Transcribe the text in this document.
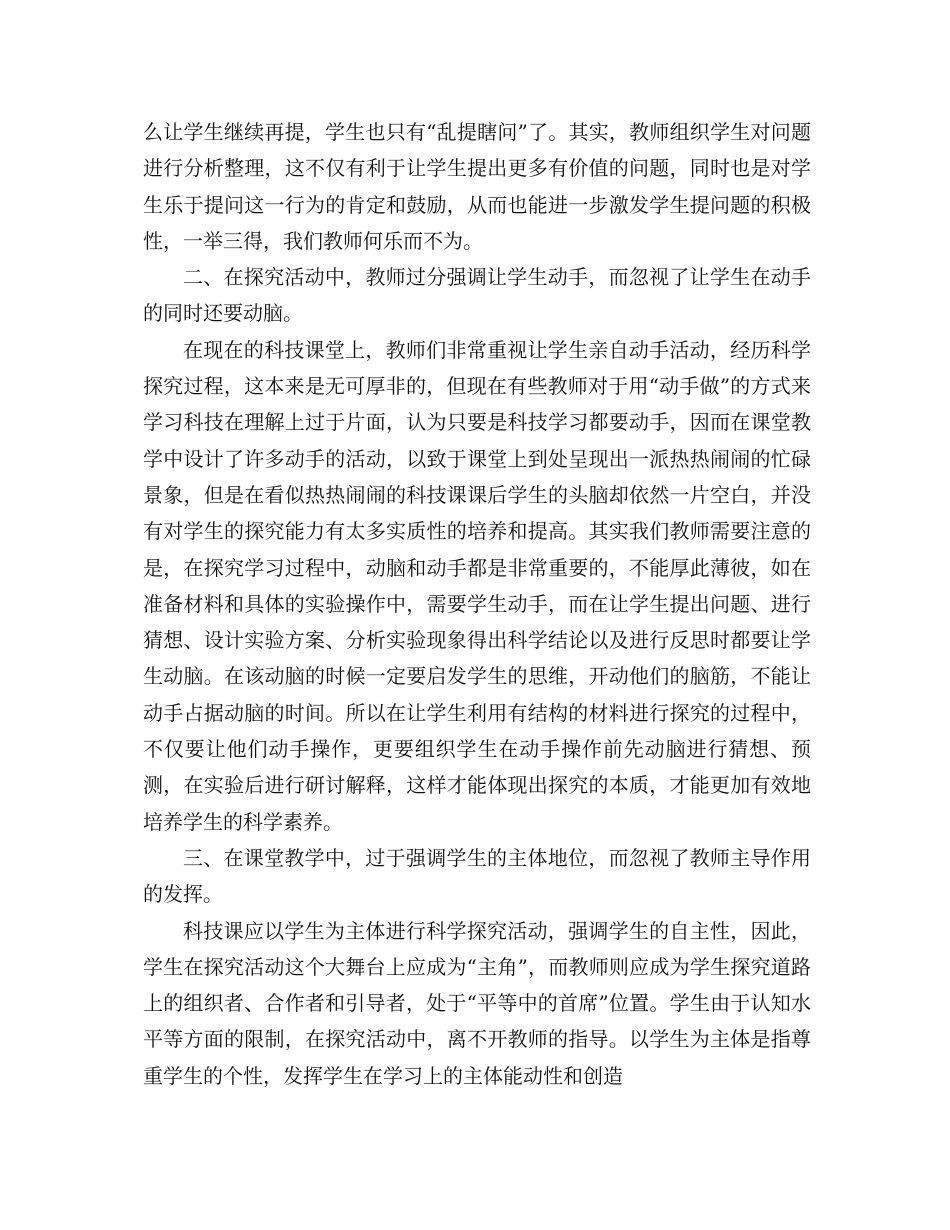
么让学生继续再提，学生也只有“乱提瞎问”了。其实，教师组织学生对问题进行分析整理，这不仅有利于让学生提出更多有价值的问题，同时也是对学生乐于提问这一行为的肯定和鼓励，从而也能进一步激发学生提问题的积极性，一举三得，我们教师何乐而不为。

二、在探究活动中，教师过分强调让学生动手，而忽视了让学生在动手的同时还要动脑。

在现在的科技课堂上，教师们非常重视让学生亲自动手活动，经历科学探究过程，这本来是无可厚非的，但现在有些教师对于用“动手做”的方式来学习科技在理解上过于片面，认为只要是科技学习都要动手，因而在课堂教学中设计了许多动手的活动，以致于课堂上到处呈现出一派热热闹闹的忙碌景象，但是在看似热热闹闹的科技课课后学生的头脑却依然一片空白，并没有对学生的探究能力有太多实质性的培养和提高。其实我们教师需要注意的是，在探究学习过程中，动脑和动手都是非常重要的，不能厚此薄彼，如在准备材料和具体的实验操作中，需要学生动手，而在让学生提出问题、进行猜想、设计实验方案、分析实验现象得出科学结论以及进行反思时都要让学生动脑。在该动脑的时候一定要启发学生的思维，开动他们的脑筋，不能让动手占据动脑的时间。所以在让学生利用有结构的材料进行探究的过程中，不仅要让他们动手操作，更要组织学生在动手操作前先动脑进行猜想、预测，在实验后进行研讨解释，这样才能体现出探究的本质，才能更加有效地培养学生的科学素养。

三、在课堂教学中，过于强调学生的主体地位，而忽视了教师主导作用的发挥。

科技课应以学生为主体进行科学探究活动，强调学生的自主性，因此，学生在探究活动这个大舞台上应成为“主角”，而教师则应成为学生探究道路上的组织者、合作者和引导者，处于“平等中的首席”位置。学生由于认知水平等方面的限制，在探究活动中，离不开教师的指导。以学生为主体是指尊重学生的个性，发挥学生在学习上的主体能动性和创造
